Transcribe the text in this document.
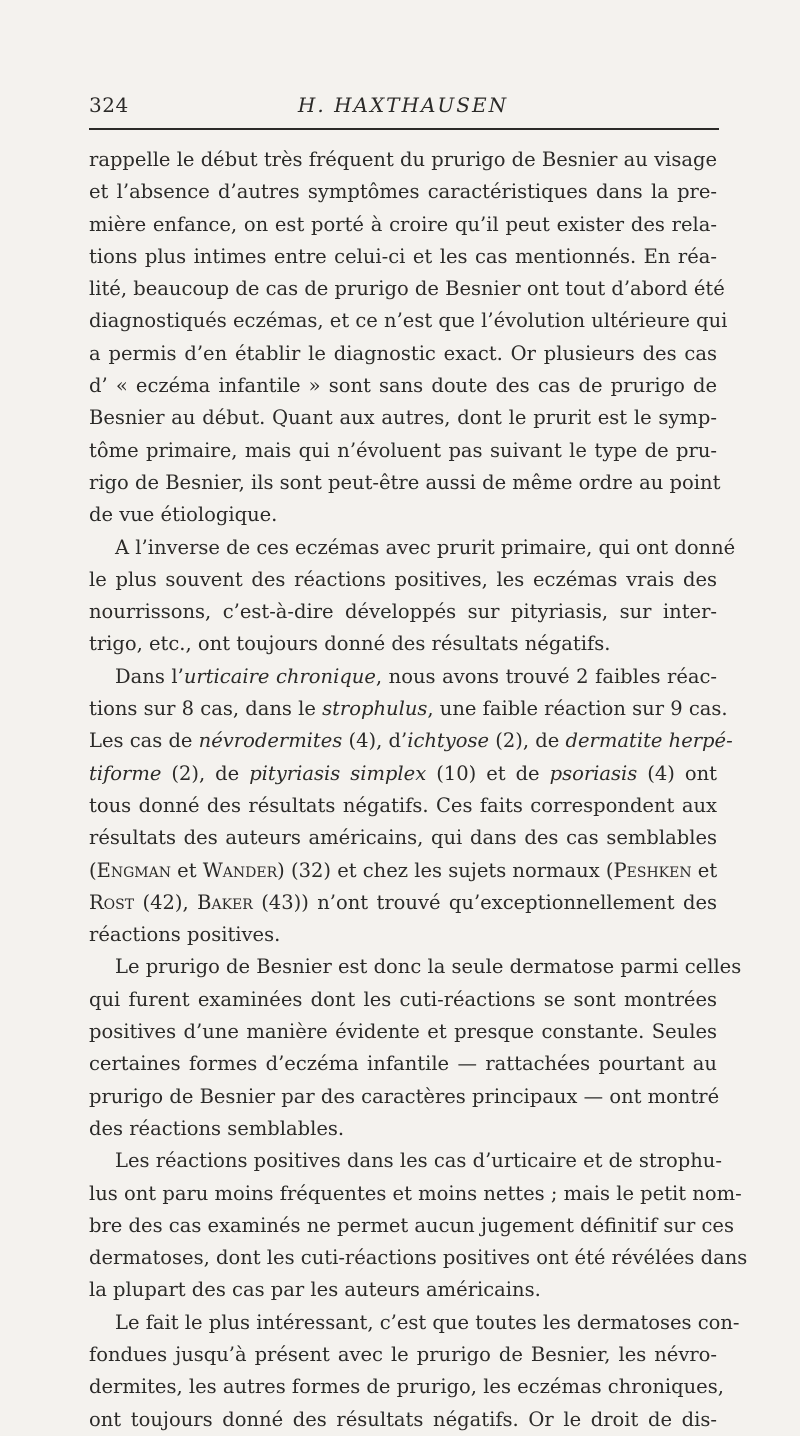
324	H. HAXTHAUSEN
rappelle le début très fréquent du prurigo de Besnier au visage
et l’absence d’autres symptômes caractéristiques dans la pre-
mière enfance, on est porté à croire qu’il peut exister des rela-
tions plus intimes entre celui-ci et les cas mentionnés. En réa-
lité, beaucoup de cas de prurigo de Besnier ont tout d’abord été
diagnostiqués eczémas, et ce n’est que l’évolution ultérieure qui
a permis d’en établir le diagnostic exact. Or plusieurs des cas
d’ « eczéma infantile » sont sans doute des cas de prurigo de
Besnier au début. Quant aux autres, dont le prurit est le symp-
tôme primaire, mais qui n’évoluent pas suivant le type de pru-
rigo de Besnier, ils sont peut-être aussi de même ordre au point
de vue étiologique.
A l’inverse de ces eczémas avec prurit primaire, qui ont donné
le plus souvent des réactions positives, les eczémas vrais des
nourrissons, c’est-à-dire développés sur pityriasis, sur inter-
trigo, etc., ont toujours donné des résultats négatifs.
Dans l’urticaire chronique, nous avons trouvé 2 faibles réac-
tions sur 8 cas, dans le strophulus, une faible réaction sur 9 cas.
Les cas de névrodermites (4), d’ichtyose (2), de dermatite herpé-
tiforme (2), de pityriasis simplex (10) et de psoriasis (4) ont
tous donné des résultats négatifs. Ces faits correspondent aux
résultats des auteurs américains, qui dans des cas semblables
(Engman et Wander) (32) et chez les sujets normaux (Peshken et
Rost (42), Baker (43)) n’ont trouvé qu’exceptionnellement des
réactions positives.
Le prurigo de Besnier est donc la seule dermatose parmi celles
qui furent examinées dont les cuti-réactions se sont montrées
positives d’une manière évidente et presque constante. Seules
certaines formes d’eczéma infantile — rattachées pourtant au
prurigo de Besnier par des caractères principaux — ont montré
des réactions semblables.
Les réactions positives dans les cas d’urticaire et de strophu-
lus ont paru moins fréquentes et moins nettes ; mais le petit nom-
bre des cas examinés ne permet aucun jugement définitif sur ces
dermatoses, dont les cuti-réactions positives ont été révélées dans
la plupart des cas par les auteurs américains.
Le fait le plus intéressant, c’est que toutes les dermatoses con-
fondues jusqu’à présent avec le prurigo de Besnier, les névro-
dermites, les autres formes de prurigo, les eczémas chroniques,
ont toujours donné des résultats négatifs. Or le droit de dis-
